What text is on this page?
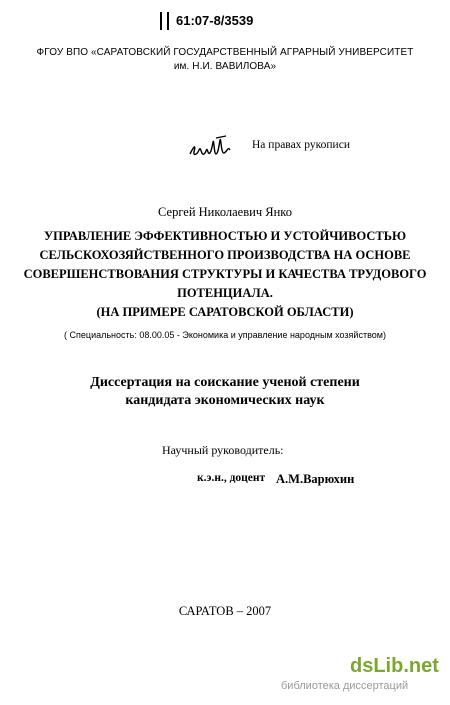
61:07-8/3539
ФГОУ ВПО «САРАТОВСКИЙ ГОСУДАРСТВЕННЫЙ АГРАРНЫЙ УНИВЕРСИТЕТ
им. Н.И. ВАВИЛОВА»
На правах рукописи
Сергей Николаевич Янко
УПРАВЛЕНИЕ ЭФФЕКТИВНОСТЬЮ И УСТОЙЧИВОСТЬЮ
СЕЛЬСКОХОЗЯЙСТВЕННОГО ПРОИЗВОДСТВА НА ОСНОВЕ
СОВЕРШЕНСТВОВАНИЯ СТРУКТУРЫ И КАЧЕСТВА ТРУДОВОГО
ПОТЕНЦИАЛА.
(НА ПРИМЕРЕ САРАТОВСКОЙ ОБЛАСТИ)
( Специальность: 08.00.05 - Экономика и управление народным хозяйством)
Диссертация на соискание ученой степени
кандидата экономических наук
Научный руководитель:
к.э.н., доцент А.М.Варюхин
САРАТОВ – 2007
dsLib.net
библиотека диссертаций
